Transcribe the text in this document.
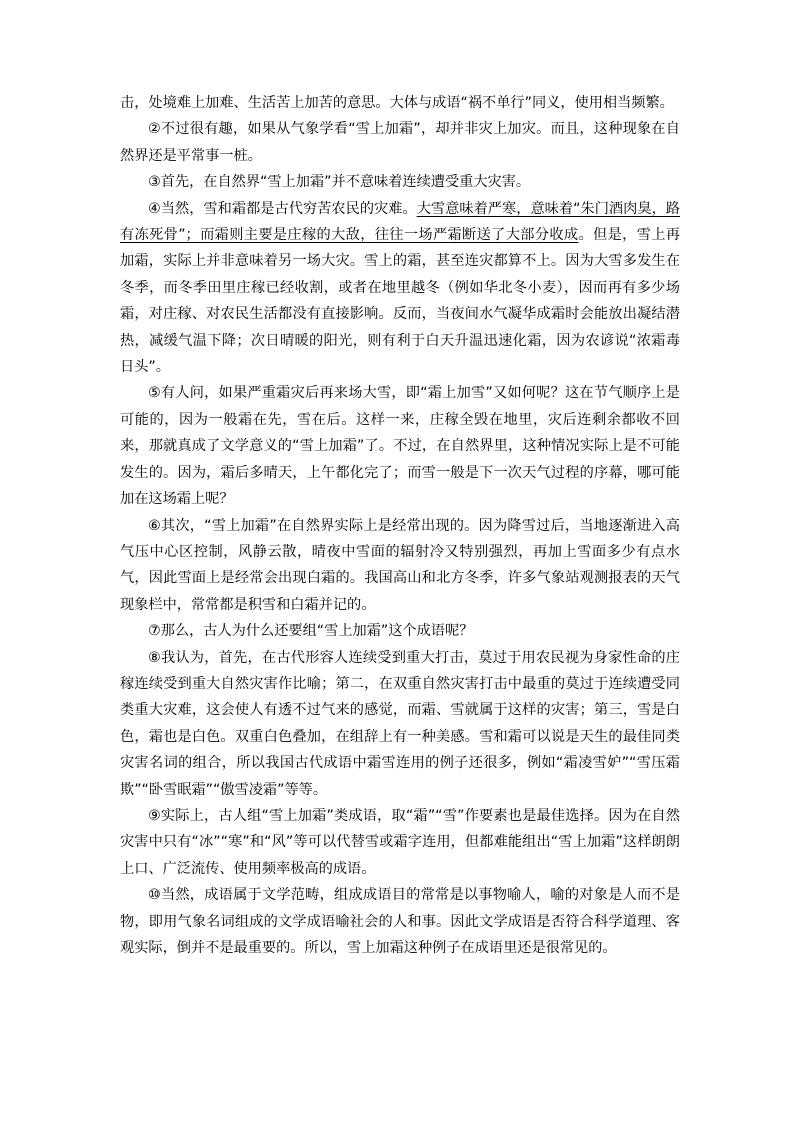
击，处境难上加难、生活苦上加苦的意思。大体与成语“祸不单行”同义，使用相当频繁。

②不过很有趣，如果从气象学看“雪上加霜”，却并非灾上加灾。而且，这种现象在自然界还是平常事一桩。

③首先，在自然界“雪上加霜”并不意味着连续遭受重大灾害。

④当然，雪和霜都是古代穷苦农民的灾难。大雪意味着严寒，意味着“朱门酒肉臭，路有冻死骨”；而霜则主要是庄稼的大敌，往往一场严霜断送了大部分收成。但是，雪上再加霜，实际上并非意味着另一场大灾。雪上的霜，甚至连灾都算不上。因为大雪多发生在冬季，而冬季田里庄稼已经收割，或者在地里越冬（例如华北冬小麦），因而再有多少场霜，对庄稼、对农民生活都没有直接影响。反而，当夜间水气凝华成霜时会能放出凝结潜热，减缓气温下降；次日晴暖的阳光，则有利于白天升温迅速化霜，因为农谚说“浓霜毒日头”。

⑤有人问，如果严重霜灾后再来场大雪，即“霜上加雪”又如何呢？这在节气顺序上是可能的，因为一般霜在先，雪在后。这样一来，庄稼全毁在地里，灾后连剩余都收不回来，那就真成了文学意义的“雪上加霜”了。不过，在自然界里，这种情况实际上是不可能发生的。因为，霜后多晴天，上午都化完了；而雪一般是下一次天气过程的序幕，哪可能加在这场霜上呢？

⑥其次，“雪上加霜”在自然界实际上是经常出现的。因为降雪过后，当地逐渐进入高气压中心区控制，风静云散，晴夜中雪面的辐射冷又特别强烈，再加上雪面多少有点水气，因此雪面上是经常会出现白霜的。我国高山和北方冬季，许多气象站观测报表的天气现象栏中，常常都是积雪和白霜并记的。

⑦那么，古人为什么还要组“雪上加霜”这个成语呢？

⑧我认为，首先，在古代形容人连续受到重大打击，莫过于用农民视为身家性命的庄稼连续受到重大自然灾害作比喻；第二，在双重自然灾害打击中最重的莫过于连续遭受同类重大灾难，这会使人有透不过气来的感觉，而霜、雪就属于这样的灾害；第三，雪是白色，霜也是白色。双重白色叠加，在组辞上有一种美感。雪和霜可以说是天生的最佳同类灾害名词的组合，所以我国古代成语中霜雪连用的例子还很多，例如“霜凌雪妒”“雪压霜欺”“卧雪眠霜”“傲雪凌霜”等等。

⑨实际上，古人组“雪上加霜”类成语，取“霜”“雪”作要素也是最佳选择。因为在自然灾害中只有“冰”“寒”和“风”等可以代替雪或霜字连用，但都难能组出“雪上加霜”这样朗朗上口、广泛流传、使用频率极高的成语。

⑩当然，成语属于文学范畴，组成成语目的常常是以事物喻人，喻的对象是人而不是物，即用气象名词组成的文学成语喻社会的人和事。因此文学成语是否符合科学道理、客观实际，倒并不是最重要的。所以，雪上加霜这种例子在成语里还是很常见的。
